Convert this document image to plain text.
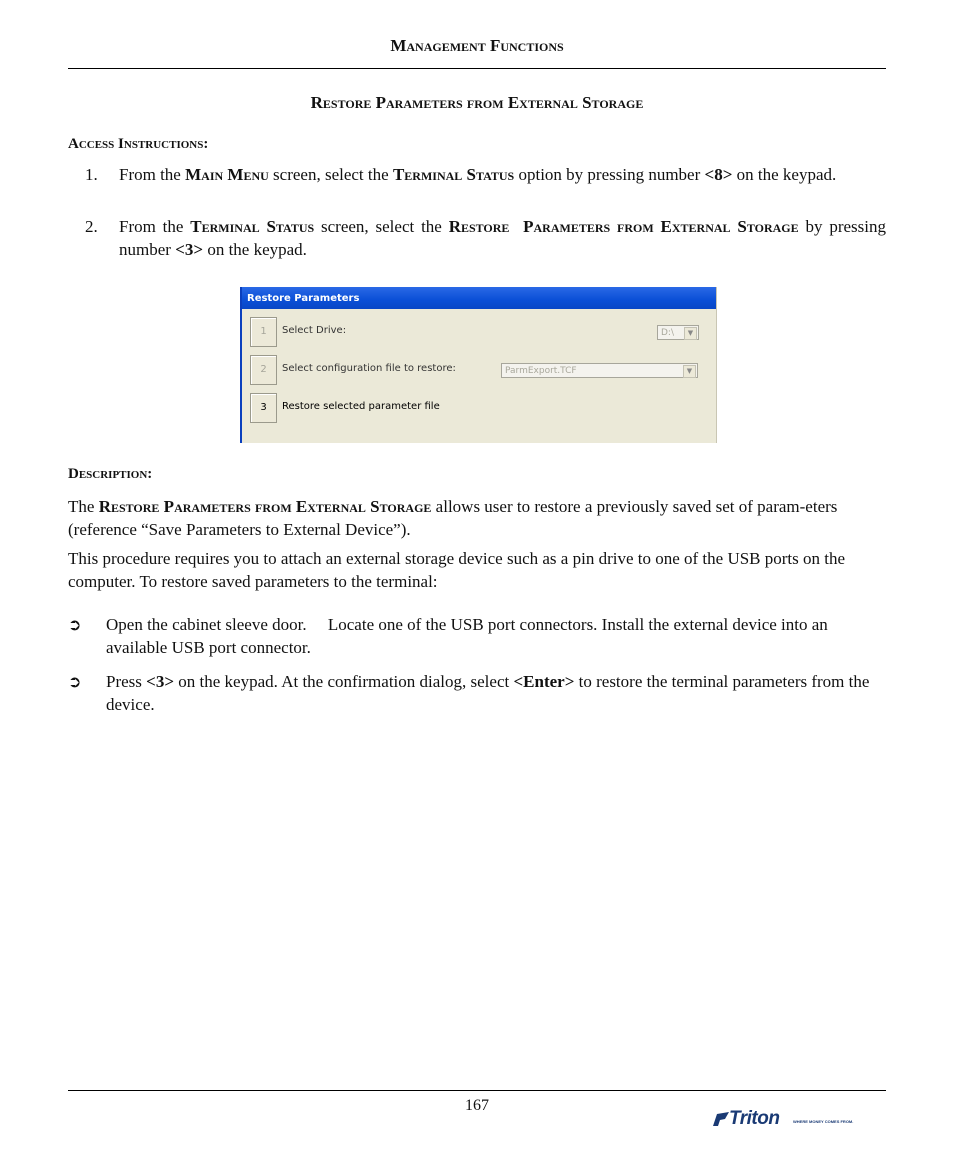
Management Functions
Restore Parameters from External Storage
Access Instructions:
1. From the Main Menu screen, select the Terminal Status option by pressing number <8> on the keypad.
2. From the Terminal Status screen, select the Restore  Parameters from External Storage by pressing number <3> on the keypad.
Restore Parameters
1	Select Drive:	D:\	▼
2	Select configuration file to restore:	ParmExport.TCF	▼
3	Restore selected parameter file
Description:
The Restore Parameters from External Storage allows user to restore a previously saved set of param-eters (reference “Save Parameters to External Device”).
This procedure requires you to attach an external storage device such as a pin drive to one of the USB ports on the computer. To restore saved parameters to the terminal:
➲ Open the cabinet sleeve door.     Locate one of the USB port connectors. Install the external device into an available USB port connector.
➲ Press <3> on the keypad. At the confirmation dialog, select <Enter> to restore the terminal parameters from the device.
167
Triton	WHERE MONEY COMES FROM.
